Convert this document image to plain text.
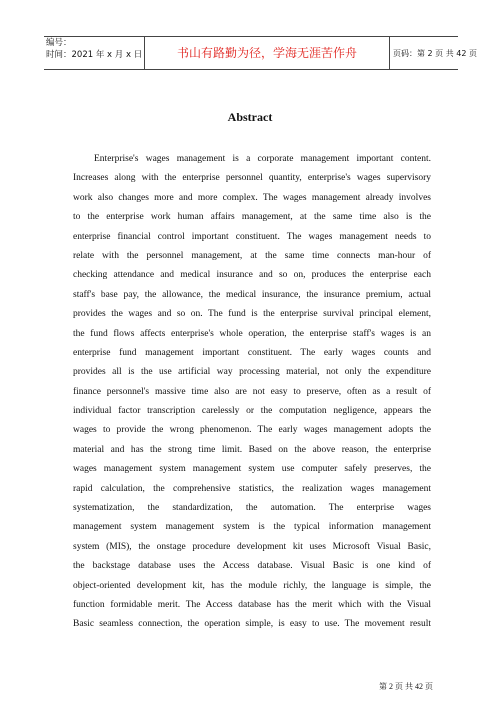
编号：
时间：2021 年 x 月 x 日	书山有路勤为径，学海无涯苦作舟	页码：第 2 页 共 42 页
Abstract
Enterprise's wages management is a corporate management important content.
Increases along with the enterprise personnel quantity, enterprise's wages supervisory
work also changes more and more complex. The wages management already involves
to the enterprise work human affairs management, at the same time also is the
enterprise financial control important constituent. The wages management needs to
relate with the personnel management, at the same time connects man-hour of
checking attendance and medical insurance and so on, produces the enterprise each
staff's base pay, the allowance, the medical insurance, the insurance premium, actual
provides the wages and so on. The fund is the enterprise survival principal element,
the fund flows affects enterprise's whole operation, the enterprise staff's wages is an
enterprise fund management important constituent. The early wages counts and
provides all is the use artificial way processing material, not only the expenditure
finance personnel's massive time also are not easy to preserve, often as a result of
individual factor transcription carelessly or the computation negligence, appears the
wages to provide the wrong phenomenon. The early wages management adopts the
material and has the strong time limit. Based on the above reason, the enterprise
wages management system management system use computer safely preserves, the
rapid calculation, the comprehensive statistics, the realization wages management
systematization, the standardization, the automation. The enterprise wages
management system management system is the typical information management
system (MIS), the onstage procedure development kit uses Microsoft Visual Basic,
the backstage database uses the Access database. Visual Basic is one kind of
object-oriented development kit, has the module richly, the language is simple, the
function formidable merit. The Access database has the merit which with the Visual
Basic seamless connection, the operation simple, is easy to use. The movement result
第 2 页 共 42 页
